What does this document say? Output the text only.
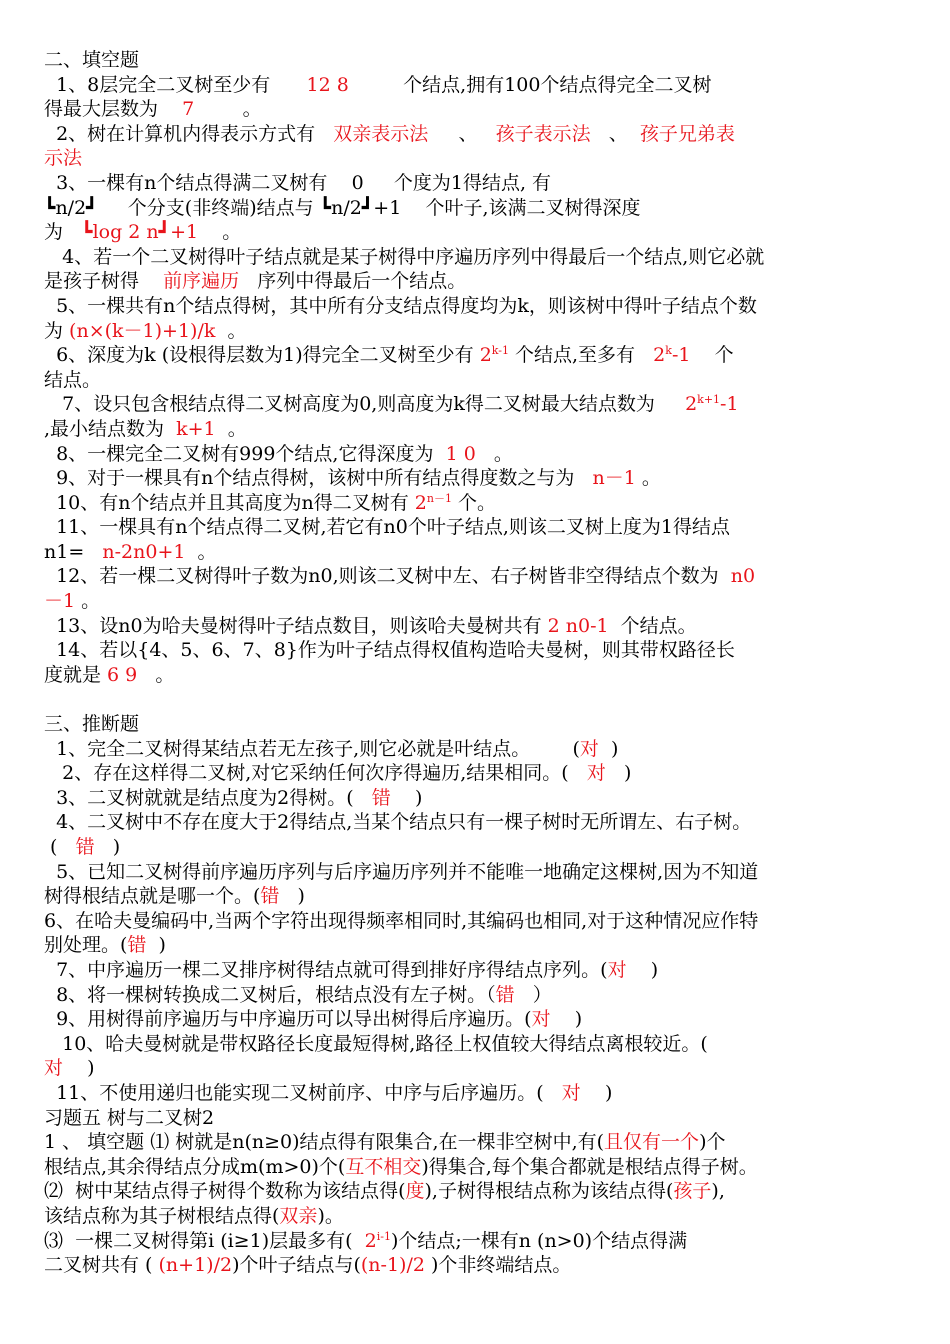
二、填空题
1、8层完全二叉树至少有      12 8         个结点,拥有100个结点得完全二叉树
得最大层数为    7        。
2、树在计算机内得表示方式有   双亲表示法     、   孩子表示法   、  孩子兄弟表
示法
3、一棵有n个结点得满二叉树有    0     个度为1得结点, 有
┗n/2┛     个分支(非终端)结点与 ┗n/2┛+1    个叶子,该满二叉树得深度
为   ┗log 2 n┛+1    。
4、若一个二叉树得叶子结点就是某子树得中序遍历序列中得最后一个结点,则它必就
是孩子树得    前序遍历   序列中得最后一个结点。
5、一棵共有n个结点得树，其中所有分支结点得度均为k，则该树中得叶子结点个数
为 (n×(k－1)+1)/k  。
6、深度为k (设根得层数为1)得完全二叉树至少有 2$^{k-1}$ 个结点,至多有   2$^k$-1    个
结点。
7、设只包含根结点得二叉树高度为0,则高度为k得二叉树最大结点数为     $2^{k+1}-1$
,最小结点数为  k+1  。
8、一棵完全二叉树有999个结点,它得深度为  1 0   。
9、对于一棵具有n个结点得树，该树中所有结点得度数之与为   n－1 。
10、有n个结点并且其高度为n得二叉树有 $2^{n-1}$ 个。
11、一棵具有n个结点得二叉树,若它有n0个叶子结点,则该二叉树上度为1得结点
n1=   n-2n0+1  。
12、若一棵二叉树得叶子数为n0,则该二叉树中左、右子树皆非空得结点个数为  n0
－1 。
13、设n0为哈夫曼树得叶子结点数目，则该哈夫曼树共有 2 n0-1  个结点。
14、若以{4、5、6、7、8}作为叶子结点得权值构造哈夫曼树，则其带权路径长
度就是 6 9   。
三、推断题
1、完全二叉树得某结点若无左孩子,则它必就是叶结点。       (对  )
2、存在这样得二叉树,对它采纳任何次序得遍历,结果相同。(   对   )
3、二叉树就就是结点度为2得树。(   错    )
4、二叉树中不存在度大于2得结点,当某个结点只有一棵子树时无所谓左、右子树。
(   错   )
5、已知二叉树得前序遍历序列与后序遍历序列并不能唯一地确定这棵树,因为不知道
树得根结点就是哪一个。(错   )
6、在哈夫曼编码中,当两个字符出现得频率相同时,其编码也相同,对于这种情况应作特
别处理。(错  )
7、中序遍历一棵二叉排序树得结点就可得到排好序得结点序列。(对    )
8、将一棵树转换成二叉树后，根结点没有左子树。（错   ）
9、用树得前序遍历与中序遍历可以导出树得后序遍历。(对    )
10、哈夫曼树就是带权路径长度最短得树,路径上权值较大得结点离根较近。(
对    )
11、不使用递归也能实现二叉树前序、中序与后序遍历。(   对    )
习题五 树与二叉树2
1 、 填空题 ⑴ 树就是n(n≥0)结点得有限集合,在一棵非空树中,有(且仅有一个)个
根结点,其余得结点分成m(m>0)个(互不相交)得集合,每个集合都就是根结点得子树。
⑵  树中某结点得子树得个数称为该结点得(度),子树得根结点称为该结点得(孩子),
该结点称为其子树根结点得(双亲)。
⑶  一棵二叉树得第i (i≥1)层最多有(  2$^{i-1}$)个结点;一棵有n (n>0)个结点得满
二叉树共有 ( (n+1)/2)个叶子结点与((n-1)/2 )个非终端结点。
